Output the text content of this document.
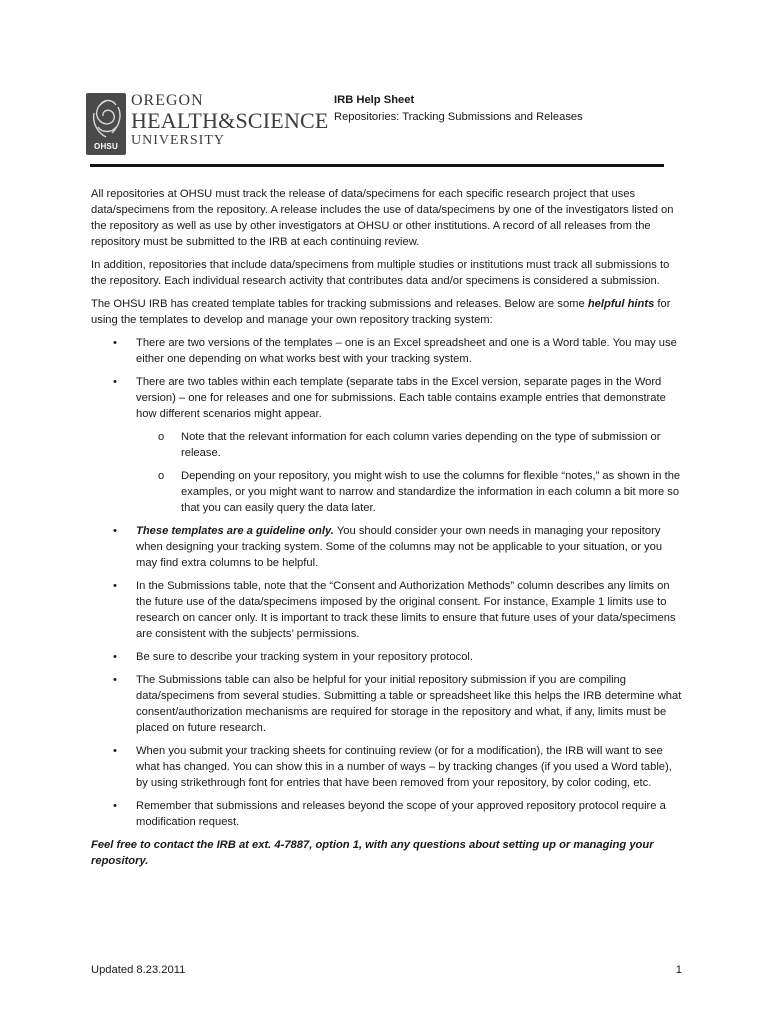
OHSU
OREGON
HEALTH&SCIENCE
UNIVERSITY
IRB Help Sheet
Repositories: Tracking Submissions and Releases

All repositories at OHSU must track the release of data/specimens for each specific research project that uses data/specimens from the repository. A release includes the use of data/specimens by one of the investigators listed on the repository as well as use by other investigators at OHSU or other institutions. A record of all releases from the repository must be submitted to the IRB at each continuing review.

In addition, repositories that include data/specimens from multiple studies or institutions must track all submissions to the repository. Each individual research activity that contributes data and/or specimens is considered a submission.

The OHSU IRB has created template tables for tracking submissions and releases. Below are some helpful hints for using the templates to develop and manage your own repository tracking system:

• There are two versions of the templates – one is an Excel spreadsheet and one is a Word table. You may use either one depending on what works best with your tracking system.
• There are two tables within each template (separate tabs in the Excel version, separate pages in the Word version) – one for releases and one for submissions. Each table contains example entries that demonstrate how different scenarios might appear.
o Note that the relevant information for each column varies depending on the type of submission or release.
o Depending on your repository, you might wish to use the columns for flexible “notes,” as shown in the examples, or you might want to narrow and standardize the information in each column a bit more so that you can easily query the data later.
• These templates are a guideline only. You should consider your own needs in managing your repository when designing your tracking system. Some of the columns may not be applicable to your situation, or you may find extra columns to be helpful.
• In the Submissions table, note that the “Consent and Authorization Methods” column describes any limits on the future use of the data/specimens imposed by the original consent. For instance, Example 1 limits use to research on cancer only. It is important to track these limits to ensure that future uses of your data/specimens are consistent with the subjects’ permissions.
• Be sure to describe your tracking system in your repository protocol.
• The Submissions table can also be helpful for your initial repository submission if you are compiling data/specimens from several studies. Submitting a table or spreadsheet like this helps the IRB determine what consent/authorization mechanisms are required for storage in the repository and what, if any, limits must be placed on future research.
• When you submit your tracking sheets for continuing review (or for a modification), the IRB will want to see what has changed. You can show this in a number of ways – by tracking changes (if you used a Word table), by using strikethrough font for entries that have been removed from your repository, by color coding, etc.
• Remember that submissions and releases beyond the scope of your approved repository protocol require a modification request.

Feel free to contact the IRB at ext. 4-7887, option 1, with any questions about setting up or managing your repository.

Updated 8.23.2011	1
